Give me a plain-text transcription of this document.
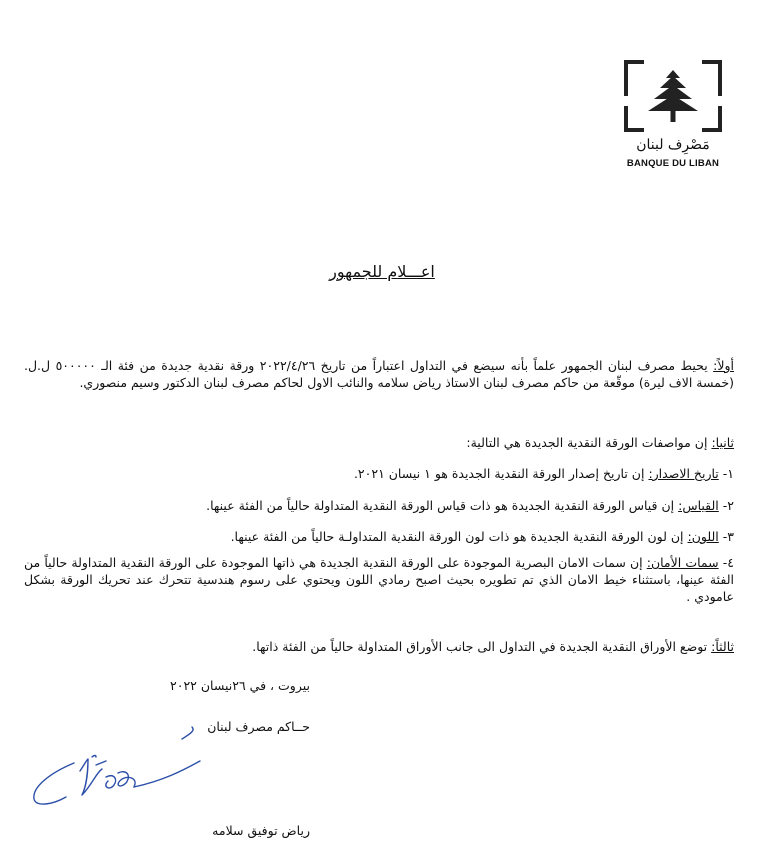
مَصْرِف لبنان
BANQUE DU LIBAN
اعـــلام للجمهور
أولاً: يحيط مصرف لبنان الجمهور علماً بأنه سيضع في التداول اعتباراً من تاريخ ٢٠٢٢/٤/٢٦ ورقة نقدية جديدة من فئة الـ ٥٠٠٠٠٠ ل.ل. (خمسة الاف ليرة) موقّعة من حاكم مصرف لبنان الاستاذ رياض سلامه والنائب الاول لحاكم مصرف لبنان الدكتور وسيم منصوري.
ثانيا: إن مواصفات الورقة النقدية الجديدة هي التالية:
١- تاريخ الاصدار: إن تاريخ إصدار الورقة النقدية الجديدة هو ١ نيسان ٢٠٢١.
٢- القياس: إن قياس الورقة النقدية الجديدة هو ذات قياس الورقة النقدية المتداولة حالياً من الفئة عينها.
٣- اللون: إن لون الورقة النقدية الجديدة هو ذات لون الورقة النقدية المتداولـة حالياً من الفئة عينها.
٤- سمات الأمان: إن سمات الامان البصرية الموجودة على الورقة النقدية الجديدة هي ذاتها الموجودة على الورقة النقدية المتداولة حالياً من الفئة عينها، باستثناء خيط الامان الذي تم تطويره بحيث اصبح رمادي اللون ويحتوي على رسوم هندسية تتحرك عند تحريك الورقة بشكل عامودي .
ثالثاً: توضع الأوراق النقدية الجديدة في التداول الى جانب الأوراق المتداولة حالياً من الفئة ذاتها.
بيروت ، في ٢٦نيسان ٢٠٢٢
حــاكم مصرف لبنان
رياض توفيق سلامه
